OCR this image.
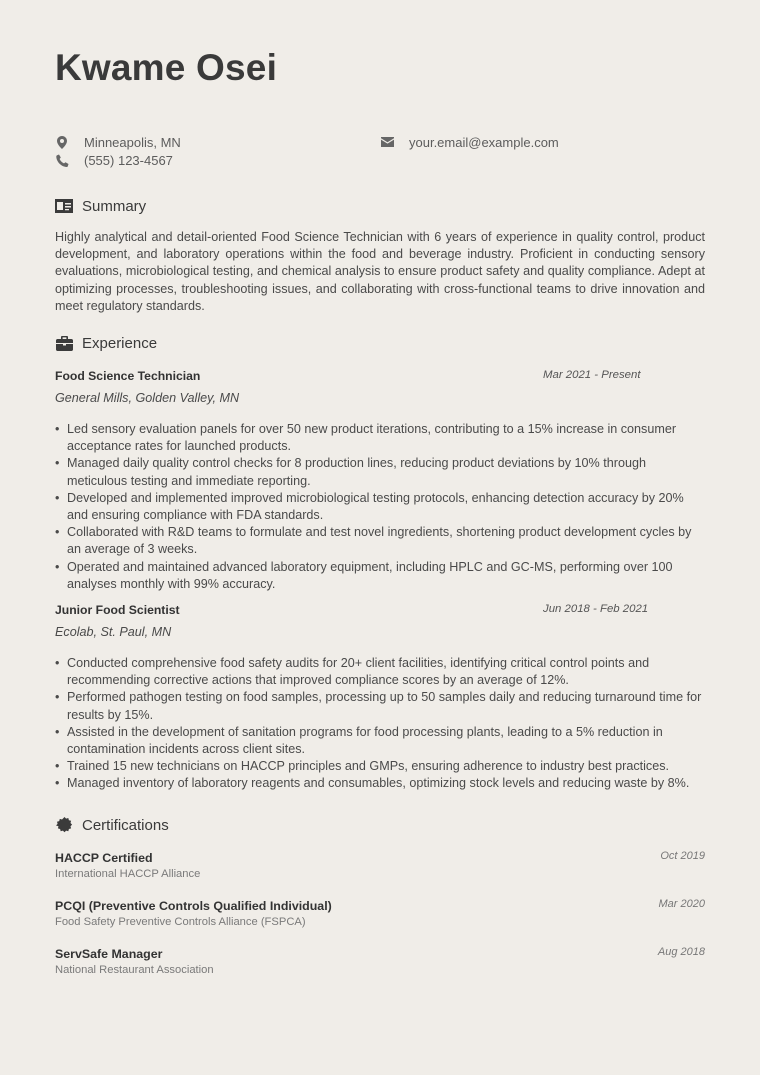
Kwame Osei
Minneapolis, MN
(555) 123-4567
your.email@example.com
Summary

Highly analytical and detail-oriented Food Science Technician with 6 years of experience in quality control, product development, and laboratory operations within the food and beverage industry. Proficient in conducting sensory evaluations, microbiological testing, and chemical analysis to ensure product safety and quality compliance. Adept at optimizing processes, troubleshooting issues, and collaborating with cross-functional teams to drive innovation and meet regulatory standards.

Experience
Food Science Technician	Mar 2021 - Present
General Mills, Golden Valley, MN
• Led sensory evaluation panels for over 50 new product iterations, contributing to a 15% increase in consumer acceptance rates for launched products.
• Managed daily quality control checks for 8 production lines, reducing product deviations by 10% through meticulous testing and immediate reporting.
• Developed and implemented improved microbiological testing protocols, enhancing detection accuracy by 20% and ensuring compliance with FDA standards.
• Collaborated with R&D teams to formulate and test novel ingredients, shortening product development cycles by an average of 3 weeks.
• Operated and maintained advanced laboratory equipment, including HPLC and GC-MS, performing over 100 analyses monthly with 99% accuracy.
Junior Food Scientist	Jun 2018 - Feb 2021
Ecolab, St. Paul, MN
• Conducted comprehensive food safety audits for 20+ client facilities, identifying critical control points and recommending corrective actions that improved compliance scores by an average of 12%.
• Performed pathogen testing on food samples, processing up to 50 samples daily and reducing turnaround time for results by 15%.
• Assisted in the development of sanitation programs for food processing plants, leading to a 5% reduction in contamination incidents across client sites.
• Trained 15 new technicians on HACCP principles and GMPs, ensuring adherence to industry best practices.
• Managed inventory of laboratory reagents and consumables, optimizing stock levels and reducing waste by 8%.
Certifications
HACCP Certified
International HACCP Alliance
Oct 2019
PCQI (Preventive Controls Qualified Individual)
Food Safety Preventive Controls Alliance (FSPCA)
Mar 2020
ServSafe Manager
National Restaurant Association
Aug 2018
